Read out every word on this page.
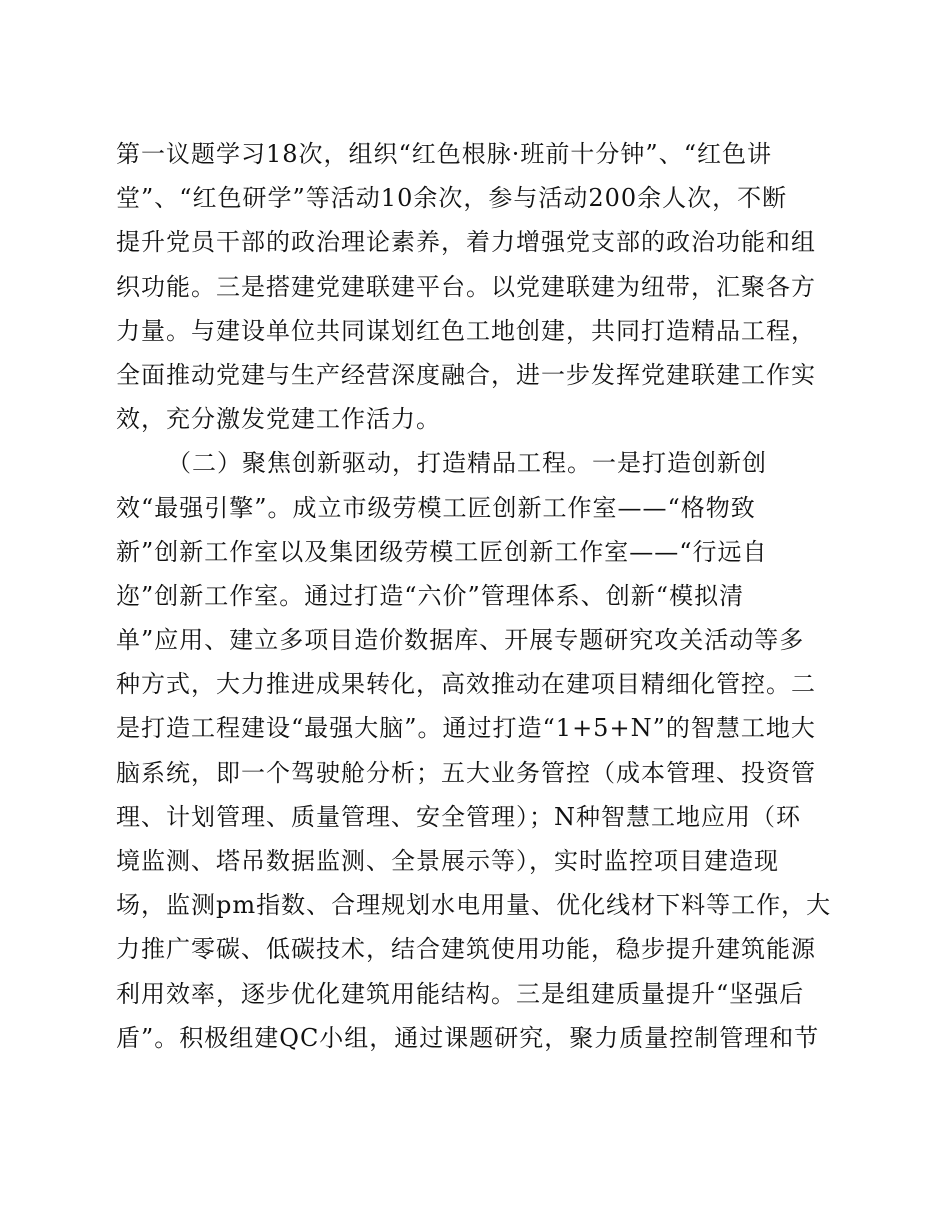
第一议题学习18次，组织“红色根脉·班前十分钟”、“红色讲
堂”、“红色研学”等活动10余次，参与活动200余人次，不断
提升党员干部的政治理论素养，着力增强党支部的政治功能和组
织功能。三是搭建党建联建平台。以党建联建为纽带，汇聚各方
力量。与建设单位共同谋划红色工地创建，共同打造精品工程，
全面推动党建与生产经营深度融合，进一步发挥党建联建工作实
效，充分激发党建工作活力。
（二）聚焦创新驱动，打造精品工程。一是打造创新创
效“最强引擎”。成立市级劳模工匠创新工作室——“格物致
新”创新工作室以及集团级劳模工匠创新工作室——“行远自
迩”创新工作室。通过打造“六价”管理体系、创新“模拟清
单”应用、建立多项目造价数据库、开展专题研究攻关活动等多
种方式，大力推进成果转化，高效推动在建项目精细化管控。二
是打造工程建设“最强大脑”。通过打造“1+5+N”的智慧工地大
脑系统，即一个驾驶舱分析；五大业务管控（成本管理、投资管
理、计划管理、质量管理、安全管理）；N种智慧工地应用（环
境监测、塔吊数据监测、全景展示等），实时监控项目建造现
场，监测pm指数、合理规划水电用量、优化线材下料等工作，大
力推广零碳、低碳技术，结合建筑使用功能，稳步提升建筑能源
利用效率，逐步优化建筑用能结构。三是组建质量提升“坚强后
盾”。积极组建QC小组，通过课题研究，聚力质量控制管理和节
